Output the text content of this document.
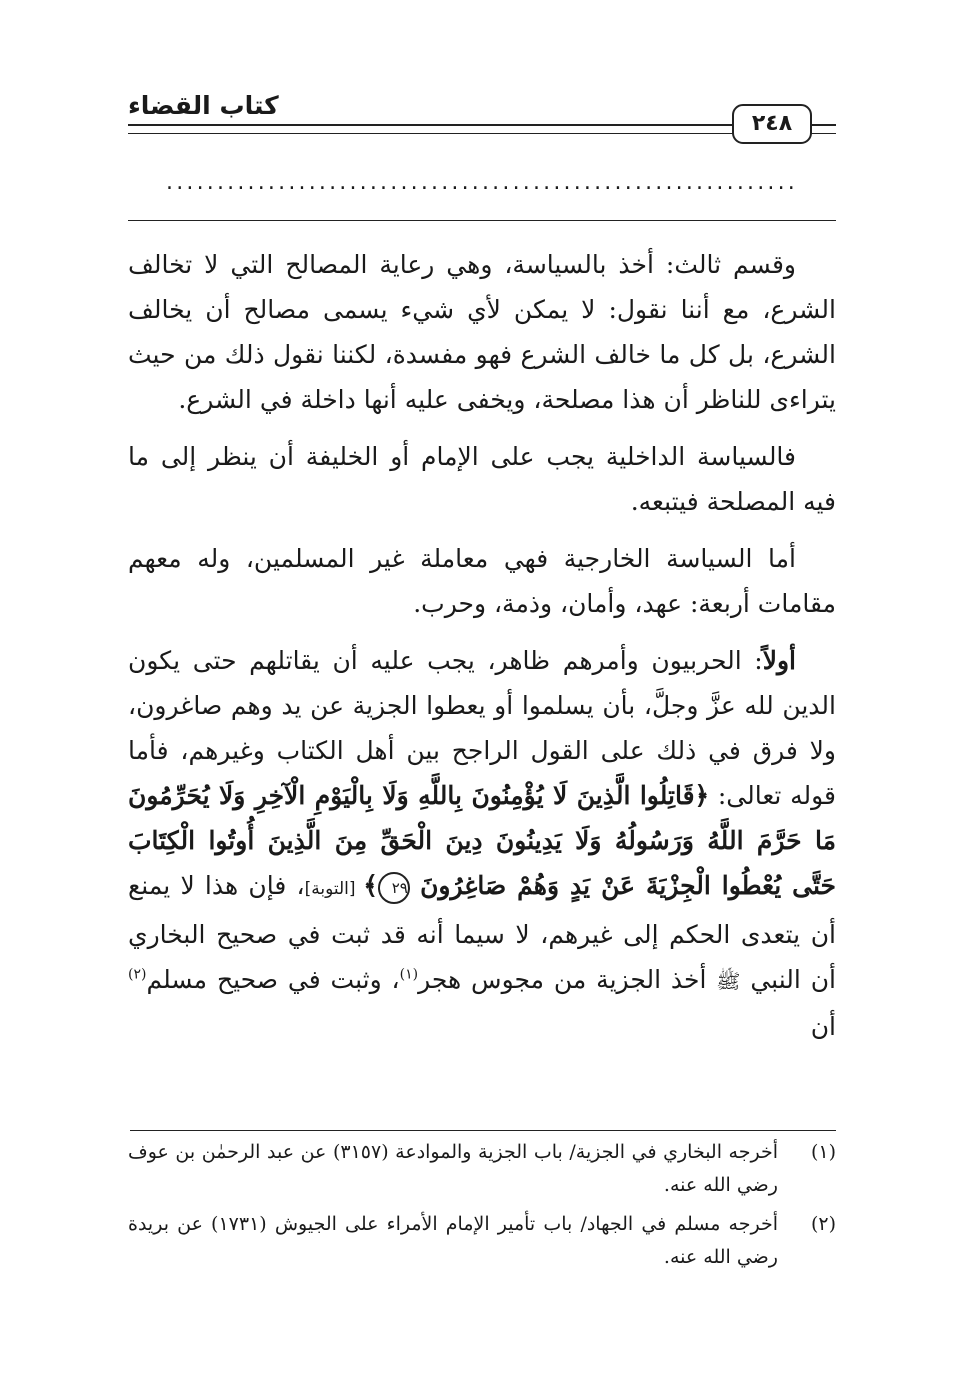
كتاب القضاء
٢٤٨
..............................................................

وقسم ثالث: أخذ بالسياسة، وهي رعاية المصالح التي لا تخالف الشرع، مع أننا نقول: لا يمكن لأي شيء يسمى مصالح أن يخالف الشرع، بل كل ما خالف الشرع فهو مفسدة، لكننا نقول ذلك من حيث يتراءى للناظر أن هذا مصلحة، ويخفى عليه أنها داخلة في الشرع.

فالسياسة الداخلية يجب على الإمام أو الخليفة أن ينظر إلى ما فيه المصلحة فيتبعه.

أما السياسة الخارجية فهي معاملة غير المسلمين، وله معهم مقامات أربعة: عهد، وأمان، وذمة، وحرب.

أولاً: الحربيون وأمرهم ظاهر، يجب عليه أن يقاتلهم حتى يكون الدين لله عزَّ وجلَّ، بأن يسلموا أو يعطوا الجزية عن يد وهم صاغرون، ولا فرق في ذلك على القول الراجح بين أهل الكتاب وغيرهم، فأما قوله تعالى: ﴿قَاتِلُوا الَّذِينَ لَا يُؤْمِنُونَ بِاللَّهِ وَلَا بِالْيَوْمِ الْآخِرِ وَلَا يُحَرِّمُونَ مَا حَرَّمَ اللَّهُ وَرَسُولُهُ وَلَا يَدِينُونَ دِينَ الْحَقِّ مِنَ الَّذِينَ أُوتُوا الْكِتَابَ حَتَّى يُعْطُوا الْجِزْيَةَ عَنْ يَدٍ وَهُمْ صَاغِرُونَ ٢٩﴾ [التوبة]، فإن هذا لا يمنع أن يتعدى الحكم إلى غيرهم، لا سيما أنه قد ثبت في صحيح البخاري أن النبي ﷺ أخذ الجزية من مجوس هجر$^{(١)}$، وثبت في صحيح مسلم$^{(٢)}$ أن

(١)
أخرجه البخاري في الجزية/ باب الجزية والموادعة (٣١٥٧) عن عبد الرحمٰن بن عوف رضي الله عنه.
(٢)
أخرجه مسلم في الجهاد/ باب تأمير الإمام الأمراء على الجيوش (١٧٣١) عن بريدة رضي الله عنه.
